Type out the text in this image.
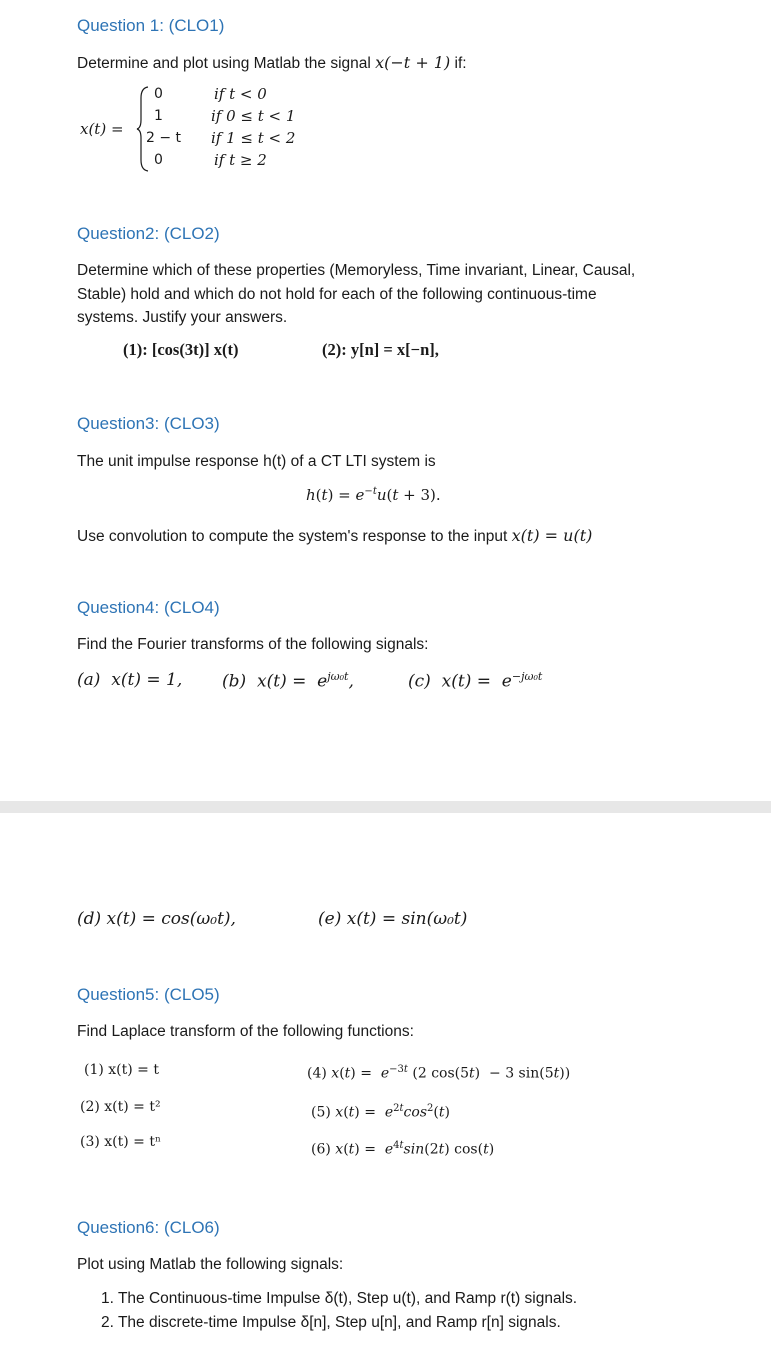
Question 1: (CLO1)
Determine and plot using Matlab the signal x(−t + 1) if:
x(t) =
0	if t < 0
1	if 0 ≤ t < 1
2 − t if 1 ≤ t < 2
0	if t ≥ 2
Question2: (CLO2)
Determine which of these properties (Memoryless, Time invariant, Linear, Causal,
Stable) hold and which do not hold for each of the following continuous-time
systems. Justify your answers.
(1): [cos(3t)] x(t)	(2): y[n] = x[−n],
Question3: (CLO3)
The unit impulse response h(t) of a CT LTI system is
$h(t) = e^{-t}u(t + 3)$.
Use convolution to compute the system's response to the input x(t) = u(t)
Question4: (CLO4)
Find the Fourier transforms of the following signals:
(a)  x(t) = 1, (b)  $x(t) = e^{j\omega_0t}$,	(c)  $x(t) = e^{-j\omega_0t}$
(d) x(t) = cos(ω₀t),	(e) x(t) = sin(ω₀t)
Question5: (CLO5)
Find Laplace transform of the following functions:
(1) x(t) = t
(2) x(t) = t²
(3) x(t) = tⁿ
(4) $x(t) = e^{-3t}$ (2 cos(5t)  − 3 sin(5t))
(5) $x(t) = e^{2t}\cos^2(t)$
(6) $x(t) = e^{4t}\sin(2t)$ cos(t)
Question6: (CLO6)
Plot using Matlab the following signals:
1. The Continuous-time Impulse δ(t), Step u(t), and Ramp r(t) signals.
2. The discrete-time Impulse δ[n], Step u[n], and Ramp r[n] signals.
